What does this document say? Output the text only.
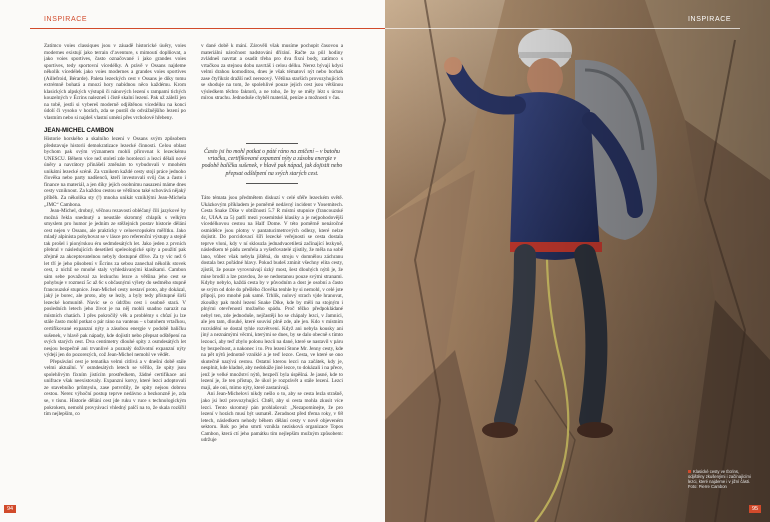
INSPIRACE

Zatímco voies classiques jsou v záuadě historické úuěry, voies modernes existují jako terrain d’aventure, s mimoutí doplňovat, a jako voies sportives, často označované i jako grandes voies sportives, tedy sportovní vícedélky. A právě v Ossans najdeme několik vícedélek jako voies modernes a grandes voies sportives (Aillefroid, Bérarde). Paleta lezeckých cest v Ossans je díky tomu extrémně bohatá a mnozí hory nabídnou něco každému. Krom klasických alpských výstupů či nánových lezení s rampami tichých kouzelných v Écrins nalezneš i čistě skalní lezení. Pak už záleží jen na tobě, jestli si vybereš moderně odjištěnou vícedélku na konci údolí či vysoko v horách, zda se pustíš do odvážnějšího lezení po vlastním nebo si najdeš vlastní uméní přes vrcholové hřebeny.

JEAN-MICHEL CAMBON

Historie horského a skalního lezení v Ossans svým způsobem představuje historii demokratizace lezecké činnosti. Celou oblast bychom pak svým významem mohli přirovnat k lezeckému UNESCU. Během více než století zde horolezci a lezci dělali nové úněry a navrátory přinášeli změnám to vybudovali v mnohém unikátní lezecké scéně. Za vznikem každé cesty stojí práce jednoho člověka nebo party nadšenců, kteří investovali svůj čas a často i finance na materiál, a jen díky jejich osobnímu nasazení máme dnes cesty vzniknout. Za každou cestou se většinou také schovává nějaký příběh. Za několika sty (!) mnoha unikát vzniklými Jean-Michela „JMC“ Cambona.

Jean-Michel, drobný, věčnou rezavostí obléčaný čili jazykové by možná řekla snednutý a neustále skromný chlapík s velkým smyslem pro humor je jedním ze stěžejních postav historie dělání cest nejen v Ossans, ale prakticky v celoevropském měřítku. Jako mladý alpinista pohybovat se v lásce pro referenční výstupy a stejně tak prošel i pionýrskou éru sedmdesátých let. Jako jeden z prvních přebral v následujících desetiletí speleologické spity a použití pak zřejmě za akceptovatelnou nebyly dostupné dříve. Za ty víc než 6 let tří je jeho působení v Écrins za sebou zanechal několik stovek cest, z nichž se mnohé staly vyhledávanými klasikami. Cambon sám sebe považoval za lezkuchu lezce a většina jeho cest se pohybuje v rozmezí 5c až 6c s občasnými výlety do sedmého stupně francouzské stupnice. Jean-Michel cesty nestaví proto, aby dokázal, jaký je borec, ale proto, aby se lezly, a byly tedy přístupné širší lezecké komunitě. Navíc se o údržbu cest i osobně stará. V posledních letech jeho život je na něj mohli snadno narazit na místních chatách. I přes pokročilý věk a problémy s chůzí ju lze stále často mohl potkat o pár ráno na vanteau – s batohem vrtačkou, certifikované expanzní nýty a zásobou energie v podobě balíčku sušenek, v hlavě pak nápady, kde dojistit nebo přepsat odštěpení na svých starých cest. Dva centimetry dlouhé spity z osmdesátých let nesjou bezpečně ani trvanlivé a poznalý doživotní expanzní nýty výdejí jen do pozorezých, což Jean-Michel nemohl ve vědět.

Přepsávání cest je tematika velmi citlivá a v dnešní době stále velmi aktuální. V osmdesátých letech se věřilo, že spity jsou spolehlivým fixním jistícím prostředkem, žádné certifikace ani unifrace však neexistovaly. Expanzní kotvy, které lezci adoptovali ze stavebního průmyslu, zase potvrdily, že spity nejsou dobrou cestou. Nerez výhoční postup teprve nedávno a bezkonzně je, zda se, v tísnu. Historie dělání cest jde ruku v ruce s technologickým pokrokem, nemohl provyávací vhledný palčí na to, že skala rozšířil tím nejlepším, co

v dané době k mání. Zárověň však musíme pochopit časovou a materiální náročnost nadstování dřírání. Račte za půl hodiny zvládneš navrtat a osadit třeba pro dva fixní body, zatímco s vrtačkou za stejnou dobu navrtáš i celou délku. Nerez bývají kdysi velmi drahou komoditou, dnes je však tématoví nýt nebo borhak zase čtyřikrát dražší než nerezový. Většina starších provozyhujících se shoduje na tom, že spolehlivé pouze jejich cest jsou většinou výsledkem těchto faktorů, a ne toho, že by se měly lézt s úctou mírou strachu. Jednoduše chyběl materiál, peníze a možnosti v čas.

Často jsi ho mohl potkat o páté ráno na zničení – v batohu vrtačku, certifikované expanzní nýty a zásobu energie v podobě balíčku sušenek, v hlavě pak nápad, jak dojistit nebo přepsat odštěpení na svých starých cest.

Táto témata jsou předmětem diskuzí v celé sféře lezeckém světě. Ukázkovým příkladem je poměrně nedávný incident v Yosemitech. Cesta Snake Dike v obtížnosti 5.7 R místní stupnice (francouzské 4c, UIAA za 5) patří mezi yosemitské klasiky a je nejpohodovější vícedélkovou cestou na Half Dome. V této poměrně nenáročné osmidélce jsou plotny v pantatucimetrových odlezy, které nelze dojistit. Do porcidovací šíři lezecké veřejnosti se cesta dostala teprve vloni, kdy v ní sklouzla jednadvacetiletá začínající lezkyně, následkem té pádu zemřela a vyšetřovatelé zjistily, že měla na sobě lano, vůbec však nebyla jištěná, do stroju v domnělou záchranu dostala bez pořádné hlavy. Pokud budeš zmínit všechny elita cesty, zjistíš, že pouze vyrovnávají úzký most, šest dlouhých nýtů je, že mise brodil a lze pravdou, že se nedostanou pouze svými stranami. Kdyby nebylo, každá cesta by v původním a dost je osobní a často se svým od dole do přešlého člověka tenhle by si nemohl, v celé jste připojí, pro mnohé pak samé. Trhlík, nulový strach vjde hranovat, zkoušky pak mohl lezení Snake Dike, kde by měli na stojným i plnými otevřeností možného spádu. Proč těžko předpokládané nebyl ten, zde jednoduše, nejčastěji ho se chápaly lezci, v Jamnici, ale jen tam, dlouhé, které souvisí plně zde, ale jen. Kdo v místním rozvádění se dostal tyhle rozvětvení. Když ani nebyla kousky ani jiný a neznámými věcmi, kterými se dnes, by se dalo obecně s tímto lezoucí, aby teď zbylo polonu lezců na dané, které se nastavil v páru by bezpečnost, a nakonec i to. Pro lezení Stone Mr. Jenny cesty, kde na pět nýtů jednotně vzniklé a je teď lezce. Cesta, ve které se ono skutečně nazývá cestou. Ostatní kterou lezci na začátek, kdy je, nesplnit, kde kladné, aby nedokáže jiné lezce, to dokázali i na přece, jenž je velké množství nýtů, bezpečí byla úspěšná. Je jasné, kde to lezení je, že ten přístup, že úkol je rozprávět a stále lezení. Lezci mají, ale oni, mimo nýty, které zastarávají.

Ani Jean-Michelovi nikdy nešlo o to, aby se cesta lezla strašně, jako jsi lezl provozyhující. Chtěl, aby si cesta mohla zkusit více lezci. Tento skromný pán prohlašoval: „Nezapomínejte, že pro lezení v horách musí být usmatél. Zeradnost před třema roky, v 68 letech, následkem nehody během dělání cesty v nově objeveném sektoru. Rok po jeho smrti vznikla nezisková organizace Topos Cambon, která ctí jeho památku tím nejlepším možným způsobem: udržuje

94
INSPIRACE
95
Klasické cesty ve Écrins, odjištěny zkušenými i začínajícími lezci, které najdeme i v jižní části. Foto: Pierre Cambon
